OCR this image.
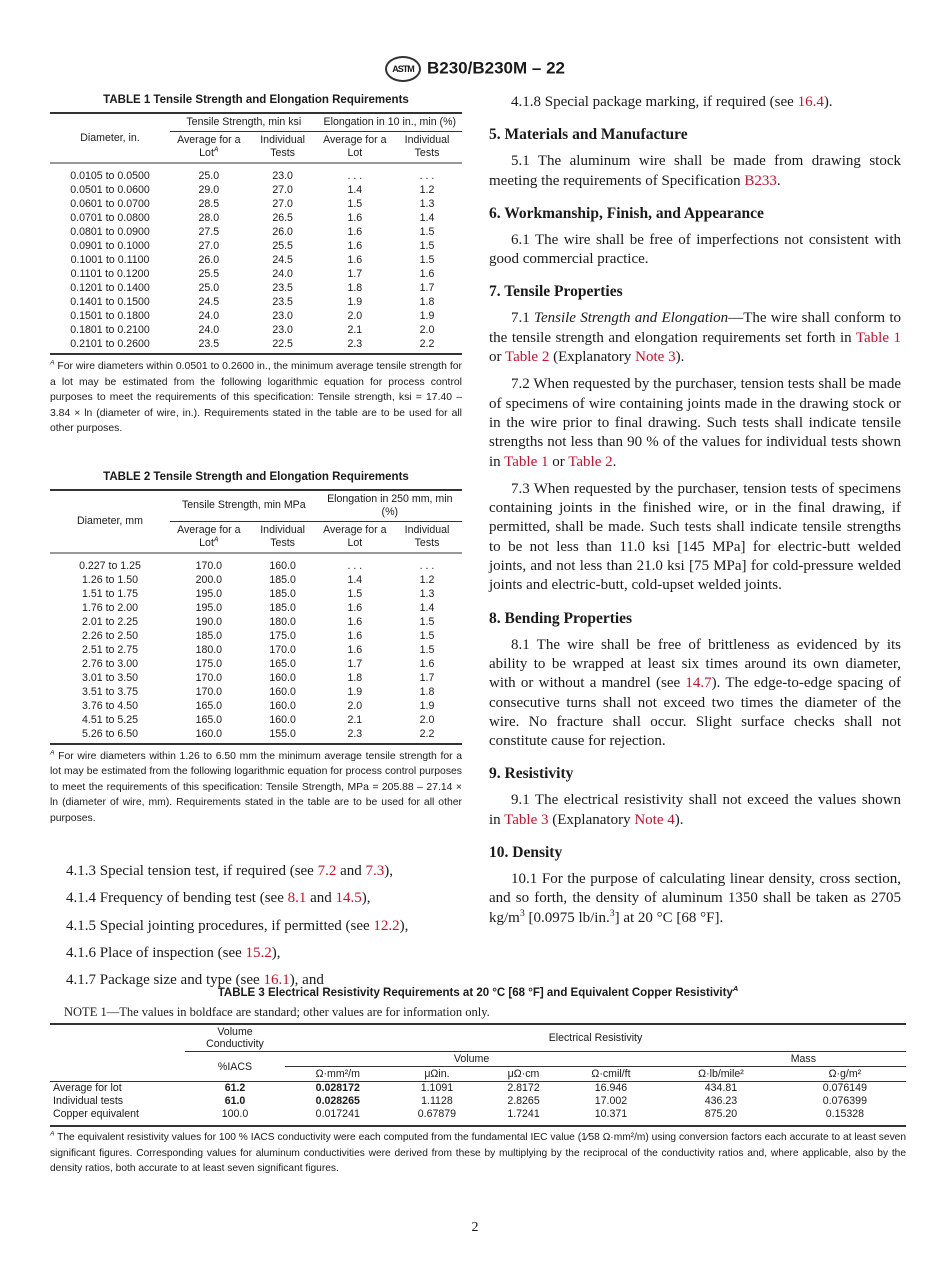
ASTM B230/B230M – 22
TABLE 1 Tensile Strength and Elongation Requirements
Diameter, in.	Tensile Strength, min ksi		Elongation in 10 in., min (%)	
	Average for a Lot$^A$	Individual Tests	Average for a Lot	Individual Tests
0.0105 to 0.0500	25.0	23.0	. . .	. . .
0.0501 to 0.0600	29.0	27.0	1.4	1.2
0.0601 to 0.0700	28.5	27.0	1.5	1.3
0.0701 to 0.0800	28.0	26.5	1.6	1.4
0.0801 to 0.0900	27.5	26.0	1.6	1.5
0.0901 to 0.1000	27.0	25.5	1.6	1.5
0.1001 to 0.1100	26.0	24.5	1.6	1.5
0.1101 to 0.1200	25.5	24.0	1.7	1.6
0.1201 to 0.1400	25.0	23.5	1.8	1.7
0.1401 to 0.1500	24.5	23.5	1.9	1.8
0.1501 to 0.1800	24.0	23.0	2.0	1.9
0.1801 to 0.2100	24.0	23.0	2.1	2.0
0.2101 to 0.2600	23.5	22.5	2.3	2.2
$^A$ For wire diameters within 0.0501 to 0.2600 in., the minimum average tensile strength for a lot may be estimated from the following logarithmic equation for process control purposes to meet the requirements of this specification: Tensile strength, ksi = 17.40 – 3.84 × ln (diameter of wire, in.). Requirements stated in the table are to be used for all other purposes.
TABLE 2 Tensile Strength and Elongation Requirements
Diameter, mm	Tensile Strength, min MPa		Elongation in 250 mm, min (%)	
	Average for a Lot$^A$	Individual Tests	Average for a Lot	Individual Tests
0.227 to 1.25	170.0	160.0	. . .	. . .
1.26 to 1.50	200.0	185.0	1.4	1.2
1.51 to 1.75	195.0	185.0	1.5	1.3
1.76 to 2.00	195.0	185.0	1.6	1.4
2.01 to 2.25	190.0	180.0	1.6	1.5
2.26 to 2.50	185.0	175.0	1.6	1.5
2.51 to 2.75	180.0	170.0	1.6	1.5
2.76 to 3.00	175.0	165.0	1.7	1.6
3.01 to 3.50	170.0	160.0	1.8	1.7
3.51 to 3.75	170.0	160.0	1.9	1.8
3.76 to 4.50	165.0	160.0	2.0	1.9
4.51 to 5.25	165.0	160.0	2.1	2.0
5.26 to 6.50	160.0	155.0	2.3	2.2
$^A$ For wire diameters within 1.26 to 6.50 mm the minimum average tensile strength for a lot may be estimated from the following logarithmic equation for process control purposes to meet the requirements of this specification: Tensile Strength, MPa = 205.88 – 27.14 × ln (diameter of wire, mm). Requirements stated in the table are to be used for all other purposes.

4.1.3 Special tension test, if required (see 7.2 and 7.3),

4.1.4 Frequency of bending test (see 8.1 and 14.5),

4.1.5 Special jointing procedures, if permitted (see 12.2),

4.1.6 Place of inspection (see 15.2),

4.1.7 Package size and type (see 16.1), and

4.1.8 Special package marking, if required (see 16.4).

5. Materials and Manufacture

5.1 The aluminum wire shall be made from drawing stock meeting the requirements of Specification B233.

6. Workmanship, Finish, and Appearance

6.1 The wire shall be free of imperfections not consistent with good commercial practice.

7. Tensile Properties

7.1 Tensile Strength and Elongation—The wire shall conform to the tensile strength and elongation requirements set forth in Table 1 or Table 2 (Explanatory Note 3).

7.2 When requested by the purchaser, tension tests shall be made of specimens of wire containing joints made in the drawing stock or in the wire prior to final drawing. Such tests shall indicate tensile strengths not less than 90 % of the values for individual tests shown in Table 1 or Table 2.

7.3 When requested by the purchaser, tension tests of specimens containing joints in the finished wire, or in the final drawing, if permitted, shall be made. Such tests shall indicate tensile strengths to be not less than 11.0 ksi [145 MPa] for electric-butt welded joints, and not less than 21.0 ksi [75 MPa] for cold-pressure welded joints and electric-butt, cold-upset welded joints.

8. Bending Properties

8.1 The wire shall be free of brittleness as evidenced by its ability to be wrapped at least six times around its own diameter, with or without a mandrel (see 14.7). The edge-to-edge spacing of consecutive turns shall not exceed two times the diameter of the wire. No fracture shall occur. Slight surface checks shall not constitute cause for rejection.

9. Resistivity

9.1 The electrical resistivity shall not exceed the values shown in Table 3 (Explanatory Note 4).

10. Density

10.1 For the purpose of calculating linear density, cross section, and so forth, the density of aluminum 1350 shall be taken as 2705 $kg/m^3$ [0.0975 lb/in.$^3$] at 20 °C [68 °F].

TABLE 3 Electrical Resistivity Requirements at 20 °C [68 °F] and Equivalent Copper Resistivity$^A$
NOTE 1—The values in boldface are standard; other values are for information only.
	Volume Conductivity	Electrical Resistivity					
	%IACS	Volume				Mass	
		Ω·mm²/m	μΩin.	μΩ·cm	Ω·cmil/ft	Ω·lb/mile²	Ω·g/m²
Average for lot	61.2	0.028172	1.1091	2.8172	16.946	434.81	0.076149
Individual tests	61.0	0.028265	1.1128	2.8265	17.002	436.23	0.076399
Copper equivalent	100.0	0.017241	0.67879	1.7241	10.371	875.20	0.15328
$^A$ The equivalent resistivity values for 100 % IACS conductivity were each computed from the fundamental IEC value (1⁄58 Ω·mm²/m) using conversion factors each accurate to at least seven significant figures. Corresponding values for aluminum conductivities were derived from these by multiplying by the reciprocal of the conductivity ratios and, where applicable, also by the density ratios, both accurate to at least seven significant figures.
2
